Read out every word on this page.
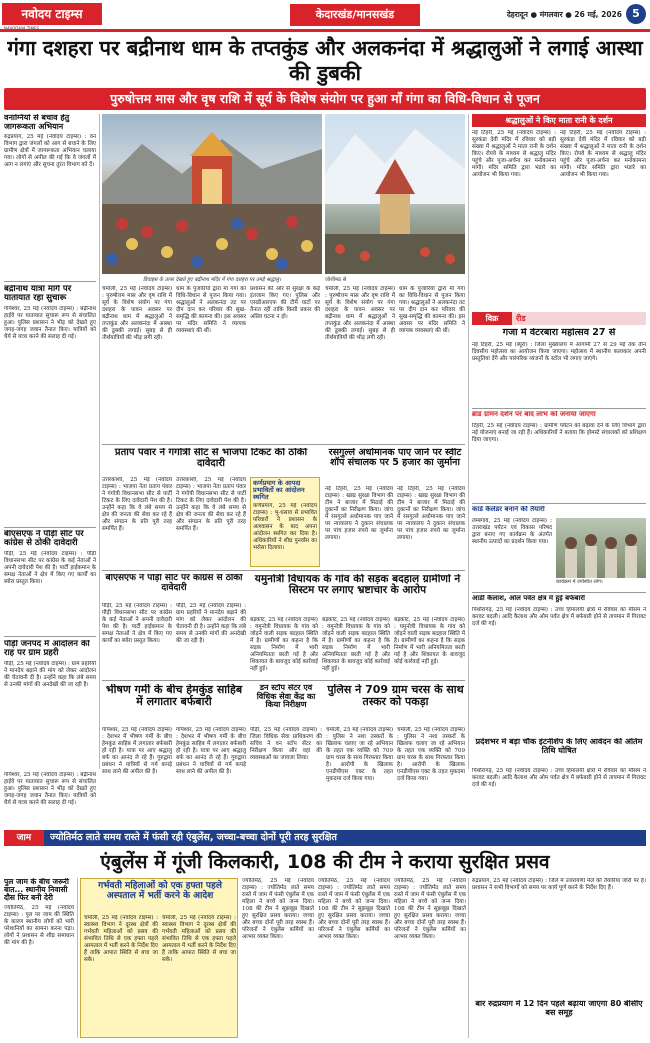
नवोदय टाइम्स
NAVODAYA TIMES
केदारखंड/मानसखंड	देहरादून ● मंगलवार ● 26 मई, 2026 5
गंगा दशहरा पर बद्रीनाथ धाम के तप्तकुंड और अलकनंदा में श्रद्धालुओं ने लगाई आस्था की डुबकी
पुरुषोत्तम मास और वृष राशि में सूर्य के विशेष संयोग पर हुआ माँ गंगा का विधि-विधान से पूजन
वनाग्नियों से बचाव हेतु जागरूकता अभियान
रुद्रप्रयाग, 25 मई (नवोदय टाइम्स) : वन विभाग द्वारा जंगलों को आग से बचाने के लिए ग्रामीण क्षेत्रों में जागरूकता अभियान चलाया गया। लोगों से अपील की गई कि वे जंगलों में आग न लगाएं और सूचना तुरंत विभाग को दें।
बद्रीनाथ यात्रा मार्ग पर यातायात रहा सुचारू
गोपेश्वर, 25 मई (नवोदय टाइम्स) : बद्रीनाथ हाईवे पर यातायात सुचारू रूप से संचालित हुआ। पुलिस प्रशासन ने भीड़ को देखते हुए जगह-जगह जवान तैनात किए। यात्रियों को धैर्य से यात्रा करने की सलाह दी गई।
बीएसएफ ने पौड़ी सीट पर कांग्रेस से ठोकी दावेदारी
पौड़ी, 25 मई (नवोदय टाइम्स) : पौड़ी विधानसभा सीट पर कांग्रेस के कई नेताओं ने अपनी दावेदारी पेश की है। पार्टी हाईकमान के समक्ष नेताओं ने क्षेत्र में किए गए कार्यों का ब्योरा प्रस्तुत किया।
पौड़ी जनपद में आंदोलन की राह पर ग्राम प्रहरी
पौड़ी, 25 मई (नवोदय टाइम्स) : ग्राम प्रहरियों ने मानदेय बढ़ाने की मांग को लेकर आंदोलन की चेतावनी दी है। उन्होंने कहा कि लंबे समय से उनकी मांगों की अनदेखी की जा रही है।
डिवाइस के ऊपर देखते हुए बद्रीनाथ मंदिर में गंगा दशहरा पर उमड़े श्रद्धालु।	जोशीमठ से
चमोली, 25 मई (नवोदय टाइम्स) : पुरुषोत्तम मास और वृष राशि में सूर्य के विशेष संयोग पर गंगा दशहरा के पावन अवसर पर बद्रीनाथ धाम में श्रद्धालुओं ने तप्तकुंड और अलकनंदा में आस्था की डुबकी लगाई। सुबह से ही तीर्थयात्रियों की भीड़ लगी रही।
धाम के पुजारियों द्वारा माँ गंगा का विधि-विधान से पूजन किया गया। श्रद्धालुओं ने अलकनंदा तट पर दीप दान कर परिवार की सुख-समृद्धि की कामना की। इस अवसर पर मंदिर समिति ने व्यापक व्यवस्थाएं की थीं।
प्रशासन की ओर से सुरक्षा के कड़े इंतजाम किए गए। पुलिस और एसडीआरएफ की टीमें घाटों पर तैनात रहीं ताकि किसी प्रकार की अप्रिय घटना न हो।
चमोली, 25 मई (नवोदय टाइम्स) : पुरुषोत्तम मास और वृष राशि में सूर्य के विशेष संयोग पर गंगा दशहरा के पावन अवसर पर बद्रीनाथ धाम में श्रद्धालुओं ने तप्तकुंड और अलकनंदा में आस्था की डुबकी लगाई। सुबह से ही तीर्थयात्रियों की भीड़ लगी रही।
धाम के पुजारियों द्वारा माँ गंगा का विधि-विधान से पूजन किया गया। श्रद्धालुओं ने अलकनंदा तट पर दीप दान कर परिवार की सुख-समृद्धि की कामना की। इस अवसर पर मंदिर समिति ने व्यापक व्यवस्थाएं की थीं।
श्रद्धालुओं ने किए माता रानी के दर्शन
नई टिहरी, 25 मई (नवोदय टाइम्स) : सुरकंडा देवी मंदिर में रविवार को बड़ी संख्या में श्रद्धालुओं ने माता रानी के दर्शन किए। रोपवे के माध्यम से श्रद्धालु मंदिर पहुंचे और पूजा-अर्चना कर मनोकामना मांगी। मंदिर समिति द्वारा भंडारे का आयोजन भी किया गया।
नई टिहरी, 25 मई (नवोदय टाइम्स) : सुरकंडा देवी मंदिर में रविवार को बड़ी संख्या में श्रद्धालुओं ने माता रानी के दर्शन किए। रोपवे के माध्यम से श्रद्धालु मंदिर पहुंचे और पूजा-अर्चना कर मनोकामना मांगी। मंदिर समिति द्वारा भंडारे का आयोजन भी किया गया।
विक्र	रीड
गजा में वेटरबारा महोत्सव 27 से
नई टिहरी, 25 मई (ब्यूरो) : जिला मुख्यालय में आगामी 27 से 29 मई तक तीन दिवसीय महोत्सव का आयोजन किया जाएगा। महोत्सव में स्थानीय कलाकार अपनी प्रस्तुतियां देंगे और पारंपरिक व्यंजनों के स्टॉल भी लगाए जाएंगे।
ब्रांड ग्रामन दर्शन पर बाद लाभ को जनाया जाएगा
टिहरी, 25 मई (नवोदय टाइम्स) : ग्रामीण पर्यटन को बढ़ावा देने के लिए विभाग द्वारा नई योजनाएं बनाई जा रही हैं। अधिकारियों ने बताया कि होमस्टे संचालकों को प्रशिक्षण दिया जाएगा।
कार्ड कैलेंडर बनाने की तैयारी
लम्बगांव, 25 मई (नवोदय टाइम्स) : उत्तराखंड पर्यटन एवं विकास परिषद द्वारा बनाए गए कार्यक्रम के अंतर्गत स्थानीय उत्पादों का प्रदर्शन किया गया।
कार्यक्रम में उपस्थित लोग।
आर्डी कैलाश, ओल पर्वत क्षेत्र में हुई बर्फबारी
पिथौरागढ़, 25 मई (नवोदय टाइम्स) : उच्च हिमालयी क्षेत्रों में रविवार को मौसम ने करवट बदली। आदि कैलाश और ओम पर्वत क्षेत्र में बर्फबारी होने से तापमान में गिरावट दर्ज की गई।
प्रदेशभर में बड़ा चौक इंटर्नशिप के लिए आवेदन की अंतिम तिथि घोषित
रसगुल्ले अधोमानक पाए जाने पर स्वीट शॉप संचालक पर 5 हजार का जुर्माना
नई टिहरी, 25 मई (नवोदय टाइम्स) : खाद्य सुरक्षा विभाग की टीम ने बाजार में मिठाई की दुकानों का निरीक्षण किया। जांच में रसगुल्ले अधोमानक पाए जाने पर न्यायालय ने दुकान संचालक पर पांच हजार रुपये का जुर्माना लगाया।
नई टिहरी, 25 मई (नवोदय टाइम्स) : खाद्य सुरक्षा विभाग की टीम ने बाजार में मिठाई की दुकानों का निरीक्षण किया। जांच में रसगुल्ले अधोमानक पाए जाने पर न्यायालय ने दुकान संचालक पर पांच हजार रुपये का जुर्माना लगाया।
प्रताप पंवार ने गंगोत्री सीट से भाजपा टिकट की ठोकी दावेदारी
उत्तरकाशी, 25 मई (नवोदय टाइम्स) : भाजपा नेता प्रताप पंवार ने गंगोत्री विधानसभा सीट से पार्टी टिकट के लिए दावेदारी पेश की है। उन्होंने कहा कि वे लंबे समय से क्षेत्र की जनता की सेवा कर रहे हैं और संगठन के प्रति पूरी तरह समर्पित हैं।
उत्तरकाशी, 25 मई (नवोदय टाइम्स) : भाजपा नेता प्रताप पंवार ने गंगोत्री विधानसभा सीट से पार्टी टिकट के लिए दावेदारी पेश की है। उन्होंने कहा कि वे लंबे समय से क्षेत्र की जनता की सेवा कर रहे हैं और संगठन के प्रति पूरी तरह समर्पित हैं।
कर्णप्रयाग के आपदा प्रभावितों का आंदोलन स्थगित
कर्णप्रयाग, 25 मई (नवोदय टाइम्स) : भू-धंसाव से प्रभावित परिवारों ने प्रशासन के आश्वासन के बाद अपना आंदोलन स्थगित कर दिया है। अधिकारियों ने शीघ्र पुनर्वास का भरोसा दिलाया।
यमुनोत्री विधायक के गांव की सड़क बदहाल ग्रामीणों ने सिस्टम पर लगाए भ्रष्टाचार के आरोप
बड़कोट, 25 मई (नवोदय टाइम्स) : यमुनोत्री विधायक के गांव को जोड़ने वाली सड़क बदहाल स्थिति में है। ग्रामीणों का कहना है कि सड़क निर्माण में भारी अनियमितता बरती गई है और शिकायत के बावजूद कोई कार्रवाई नहीं हुई।
बड़कोट, 25 मई (नवोदय टाइम्स) : यमुनोत्री विधायक के गांव को जोड़ने वाली सड़क बदहाल स्थिति में है। ग्रामीणों का कहना है कि सड़क निर्माण में भारी अनियमितता बरती गई है और शिकायत के बावजूद कोई कार्रवाई नहीं हुई।
बड़कोट, 25 मई (नवोदय टाइम्स) : यमुनोत्री विधायक के गांव को जोड़ने वाली सड़क बदहाल स्थिति में है। ग्रामीणों का कहना है कि सड़क निर्माण में भारी अनियमितता बरती गई है और शिकायत के बावजूद कोई कार्रवाई नहीं हुई।
बीएसएफ ने पौड़ी सीट पर कांग्रेस से ठोकी दावेदारी
पौड़ी, 25 मई (नवोदय टाइम्स) : पौड़ी विधानसभा सीट पर कांग्रेस के कई नेताओं ने अपनी दावेदारी पेश की है। पार्टी हाईकमान के समक्ष नेताओं ने क्षेत्र में किए गए कार्यों का ब्योरा प्रस्तुत किया।
पौड़ी, 25 मई (नवोदय टाइम्स) : ग्राम प्रहरियों ने मानदेय बढ़ाने की मांग को लेकर आंदोलन की चेतावनी दी है। उन्होंने कहा कि लंबे समय से उनकी मांगों की अनदेखी की जा रही है।
भीषण गर्मी के बीच हेमकुंड साहिब में लगातार बर्फबारी
गोपेश्वर, 25 मई (नवोदय टाइम्स) : देशभर में भीषण गर्मी के बीच हेमकुंड साहिब में लगातार बर्फबारी हो रही है। यात्रा पर आए श्रद्धालु बर्फ का आनंद ले रहे हैं। गुरुद्वारा प्रबंधन ने यात्रियों से गर्म कपड़े साथ लाने की अपील की है।
गोपेश्वर, 25 मई (नवोदय टाइम्स) : देशभर में भीषण गर्मी के बीच हेमकुंड साहिब में लगातार बर्फबारी हो रही है। यात्रा पर आए श्रद्धालु बर्फ का आनंद ले रहे हैं। गुरुद्वारा प्रबंधन ने यात्रियों से गर्म कपड़े साथ लाने की अपील की है।
डन स्टॉप सेंटर एवं विधिक सेवा केंद्र का किया निरीक्षण
पौड़ी, 25 मई (नवोदय टाइम्स) : जिला विधिक सेवा प्राधिकरण की सचिव ने वन स्टॉप सेंटर का निरीक्षण किया और वहां की व्यवस्थाओं का जायजा लिया।
पुलिस ने 709 ग्राम चरस के साथ तस्कर को पकड़ा
चमोली, 25 मई (नवोदय टाइम्स) : पुलिस ने नशा तस्करों के खिलाफ चलाए जा रहे अभियान के तहत एक व्यक्ति को 709 ग्राम चरस के साथ गिरफ्तार किया है। आरोपी के खिलाफ एनडीपीएस एक्ट के तहत मुकदमा दर्ज किया गया।
चमोली, 25 मई (नवोदय टाइम्स) : पुलिस ने नशा तस्करों के खिलाफ चलाए जा रहे अभियान के तहत एक व्यक्ति को 709 ग्राम चरस के साथ गिरफ्तार किया है। आरोपी के खिलाफ एनडीपीएस एक्ट के तहत मुकदमा दर्ज किया गया।
गोपेश्वर, 25 मई (नवोदय टाइम्स) : बद्रीनाथ हाईवे पर यातायात सुचारू रूप से संचालित हुआ। पुलिस प्रशासन ने भीड़ को देखते हुए जगह-जगह जवान तैनात किए। यात्रियों को धैर्य से यात्रा करने की सलाह दी गई।
पिथौरागढ़, 25 मई (नवोदय टाइम्स) : उच्च हिमालयी क्षेत्रों में रविवार को मौसम ने करवट बदली। आदि कैलाश और ओम पर्वत क्षेत्र में बर्फबारी होने से तापमान में गिरावट दर्ज की गई।
जाम	ज्योतिर्मठ लाते समय रास्ते में फंसी रही एंबुलेंस, जच्चा-बच्चा दोनों पूरी तरह सुरक्षित
एंबुलेंस में गूंजी किलकारी, 108 की टीम ने कराया सुरक्षित प्रसव
पुल जाम के बीच जरूरी बात... स्थानीय निवासी दौस फिर बनी देरी
ज्योतिर्मठ, 25 मई (नवोदय टाइम्स) : पुल पर जाम की स्थिति के कारण स्थानीय लोगों को भारी परेशानियों का सामना करना पड़ा। लोगों ने प्रशासन से शीघ्र समाधान की मांग की है।
गर्भवती महिलाओं को एक हफ्ता पहले अस्पताल में भर्ती करने के आदेश
चमोली, 25 मई (नवोदय टाइम्स) : स्वास्थ्य विभाग ने दूरस्थ क्षेत्रों की गर्भवती महिलाओं को प्रसव की संभावित तिथि से एक हफ्ता पहले अस्पताल में भर्ती करने के निर्देश दिए हैं ताकि आपात स्थिति से बचा जा सके।
चमोली, 25 मई (नवोदय टाइम्स) : स्वास्थ्य विभाग ने दूरस्थ क्षेत्रों की गर्भवती महिलाओं को प्रसव की संभावित तिथि से एक हफ्ता पहले अस्पताल में भर्ती करने के निर्देश दिए हैं ताकि आपात स्थिति से बचा जा सके।
ज्योतिर्मठ, 25 मई (नवोदय टाइम्स) : ज्योतिर्मठ लाते समय रास्ते में जाम में फंसी एंबुलेंस में एक महिला ने बच्चे को जन्म दिया। 108 की टीम ने सूझबूझ दिखाते हुए सुरक्षित प्रसव कराया। जच्चा और बच्चा दोनों पूरी तरह स्वस्थ हैं। परिजनों ने एंबुलेंस कर्मियों का आभार व्यक्त किया।
ज्योतिर्मठ, 25 मई (नवोदय टाइम्स) : ज्योतिर्मठ लाते समय रास्ते में जाम में फंसी एंबुलेंस में एक महिला ने बच्चे को जन्म दिया। 108 की टीम ने सूझबूझ दिखाते हुए सुरक्षित प्रसव कराया। जच्चा और बच्चा दोनों पूरी तरह स्वस्थ हैं। परिजनों ने एंबुलेंस कर्मियों का आभार व्यक्त किया।
ज्योतिर्मठ, 25 मई (नवोदय टाइम्स) : ज्योतिर्मठ लाते समय रास्ते में जाम में फंसी एंबुलेंस में एक महिला ने बच्चे को जन्म दिया। 108 की टीम ने सूझबूझ दिखाते हुए सुरक्षित प्रसव कराया। जच्चा और बच्चा दोनों पूरी तरह स्वस्थ हैं। परिजनों ने एंबुलेंस कर्मियों का आभार व्यक्त किया।
रुद्रप्रयाग, 25 मई (नवोदय टाइम्स) : जिले में उत्तरायणी मेले की तैयारियां जोरों पर हैं। प्रशासन ने सभी विभागों को समय पर कार्य पूर्ण करने के निर्देश दिए हैं।
बार रुद्रप्रयाग में 12 दिन पहले बढ़ाया जाएगा 80 बीसीए बस समूह
